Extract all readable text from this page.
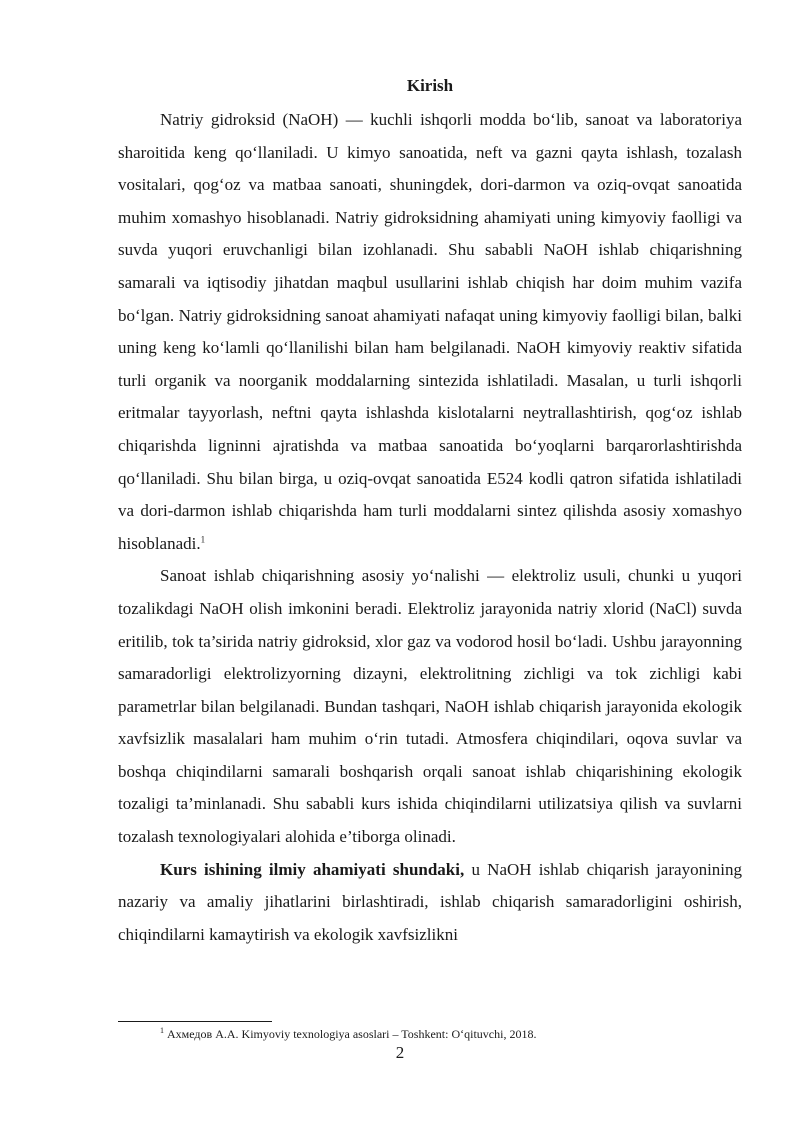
Kirish

Natriy gidroksid (NaOH) — kuchli ishqorli modda bo‘lib, sanoat va laboratoriya sharoitida keng qo‘llaniladi. U kimyo sanoatida, neft va gazni qayta ishlash, tozalash vositalari, qog‘oz va matbaa sanoati, shuningdek, dori-darmon va oziq-ovqat sanoatida muhim xomashyo hisoblanadi. Natriy gidroksidning ahamiyati uning kimyoviy faolligi va suvda yuqori eruvchanligi bilan izohlanadi. Shu sababli NaOH ishlab chiqarishning samarali va iqtisodiy jihatdan maqbul usullarini ishlab chiqish har doim muhim vazifa bo‘lgan. Natriy gidroksidning sanoat ahamiyati nafaqat uning kimyoviy faolligi bilan, balki uning keng ko‘lamli qo‘llanilishi bilan ham belgilanadi. NaOH kimyoviy reaktiv sifatida turli organik va noorganik moddalarning sintezida ishlatiladi. Masalan, u turli ishqorli eritmalar tayyorlash, neftni qayta ishlashda kislotalarni neytrallashtirish, qog‘oz ishlab chiqarishda ligninni ajratishda va matbaa sanoatida bo‘yoqlarni barqarorlashtirishda qo‘llaniladi. Shu bilan birga, u oziq-ovqat sanoatida E524 kodli qatron sifatida ishlatiladi va dori-darmon ishlab chiqarishda ham turli moddalarni sintez qilishda asosiy xomashyo hisoblanadi.$^1$

Sanoat ishlab chiqarishning asosiy yo‘nalishi — elektroliz usuli, chunki u yuqori tozalikdagi NaOH olish imkonini beradi. Elektroliz jarayonida natriy xlorid (NaCl) suvda eritilib, tok ta’sirida natriy gidroksid, xlor gaz va vodorod hosil bo‘ladi. Ushbu jarayonning samaradorligi elektrolizyorning dizayni, elektrolitning zichligi va tok zichligi kabi parametrlar bilan belgilanadi. Bundan tashqari, NaOH ishlab chiqarish jarayonida ekologik xavfsizlik masalalari ham muhim o‘rin tutadi. Atmosfera chiqindilari, oqova suvlar va boshqa chiqindilarni samarali boshqarish orqali sanoat ishlab chiqarishining ekologik tozaligi ta’minlanadi. Shu sababli kurs ishida chiqindilarni utilizatsiya qilish va suvlarni tozalash texnologiyalari alohida e’tiborga olinadi.

Kurs ishining ilmiy ahamiyati shundaki, u NaOH ishlab chiqarish jarayonining nazariy va amaliy jihatlarini birlashtiradi, ishlab chiqarish samaradorligini oshirish, chiqindilarni kamaytirish va ekologik xavfsizlikni

$^1$ Ахмедов A.A. Kimyoviy texnologiya asoslari – Toshkent: O‘qituvchi, 2018.
2
